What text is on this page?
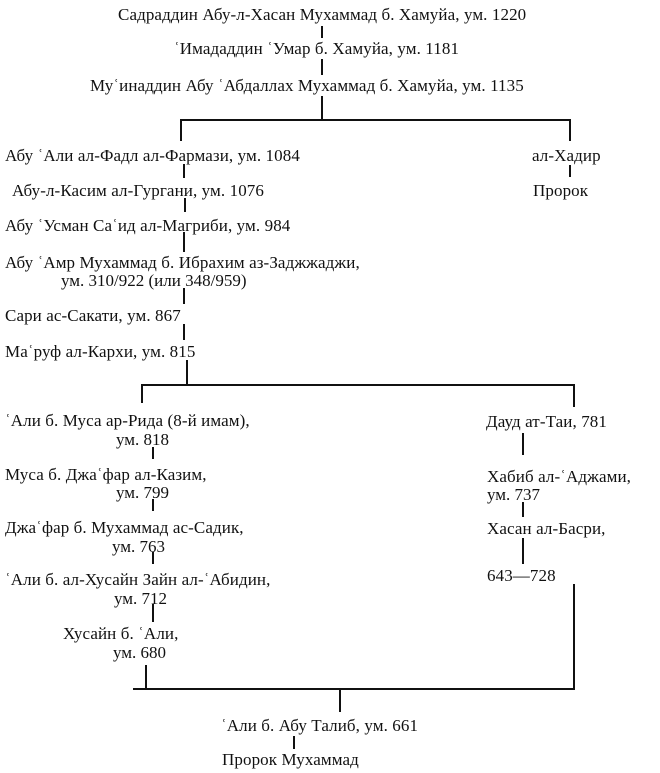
Садраддин Абу-л-Хасан Мухаммад б. Хамуйа, ум. 1220
ʿИмададдин ʿУмар б. Хамуйа, ум. 1181
Муʿинаддин Абу ʿАбдаллах Мухаммад б. Хамуйа, ум. 1135
Абу ʿАли ал-Фадл ал-Фармази, ум. 1084
Абу-л-Касим ал-Гургани, ум. 1076
Абу ʿУсман Саʿид ал-Магриби, ум. 984
Абу ʿАмр Мухаммад б. Ибрахим аз-Заджжаджи,
ум. 310/922 (или 348/959)
Сари ас-Сакати, ум. 867
Маʿруф ал-Кархи, ум. 815
ал-Хадир
Пророк
ʿАли б. Муса ар-Рида (8-й имам),
ум. 818
Муса б. Джаʿфар ал-Казим,
ум. 799
Джаʿфар б. Мухаммад ас-Садик,
ум. 763
ʿАли б. ал-Хусайн Зайн ал-ʿАбидин,
ум. 712
Хусайн б. ʿАли,
ум. 680
Дауд ат-Таи, 781
Хабиб ал-ʿАджами,
ум. 737
Хасан ал-Басри,
643—728
ʿАли б. Абу Талиб, ум. 661
Пророк Мухаммад
